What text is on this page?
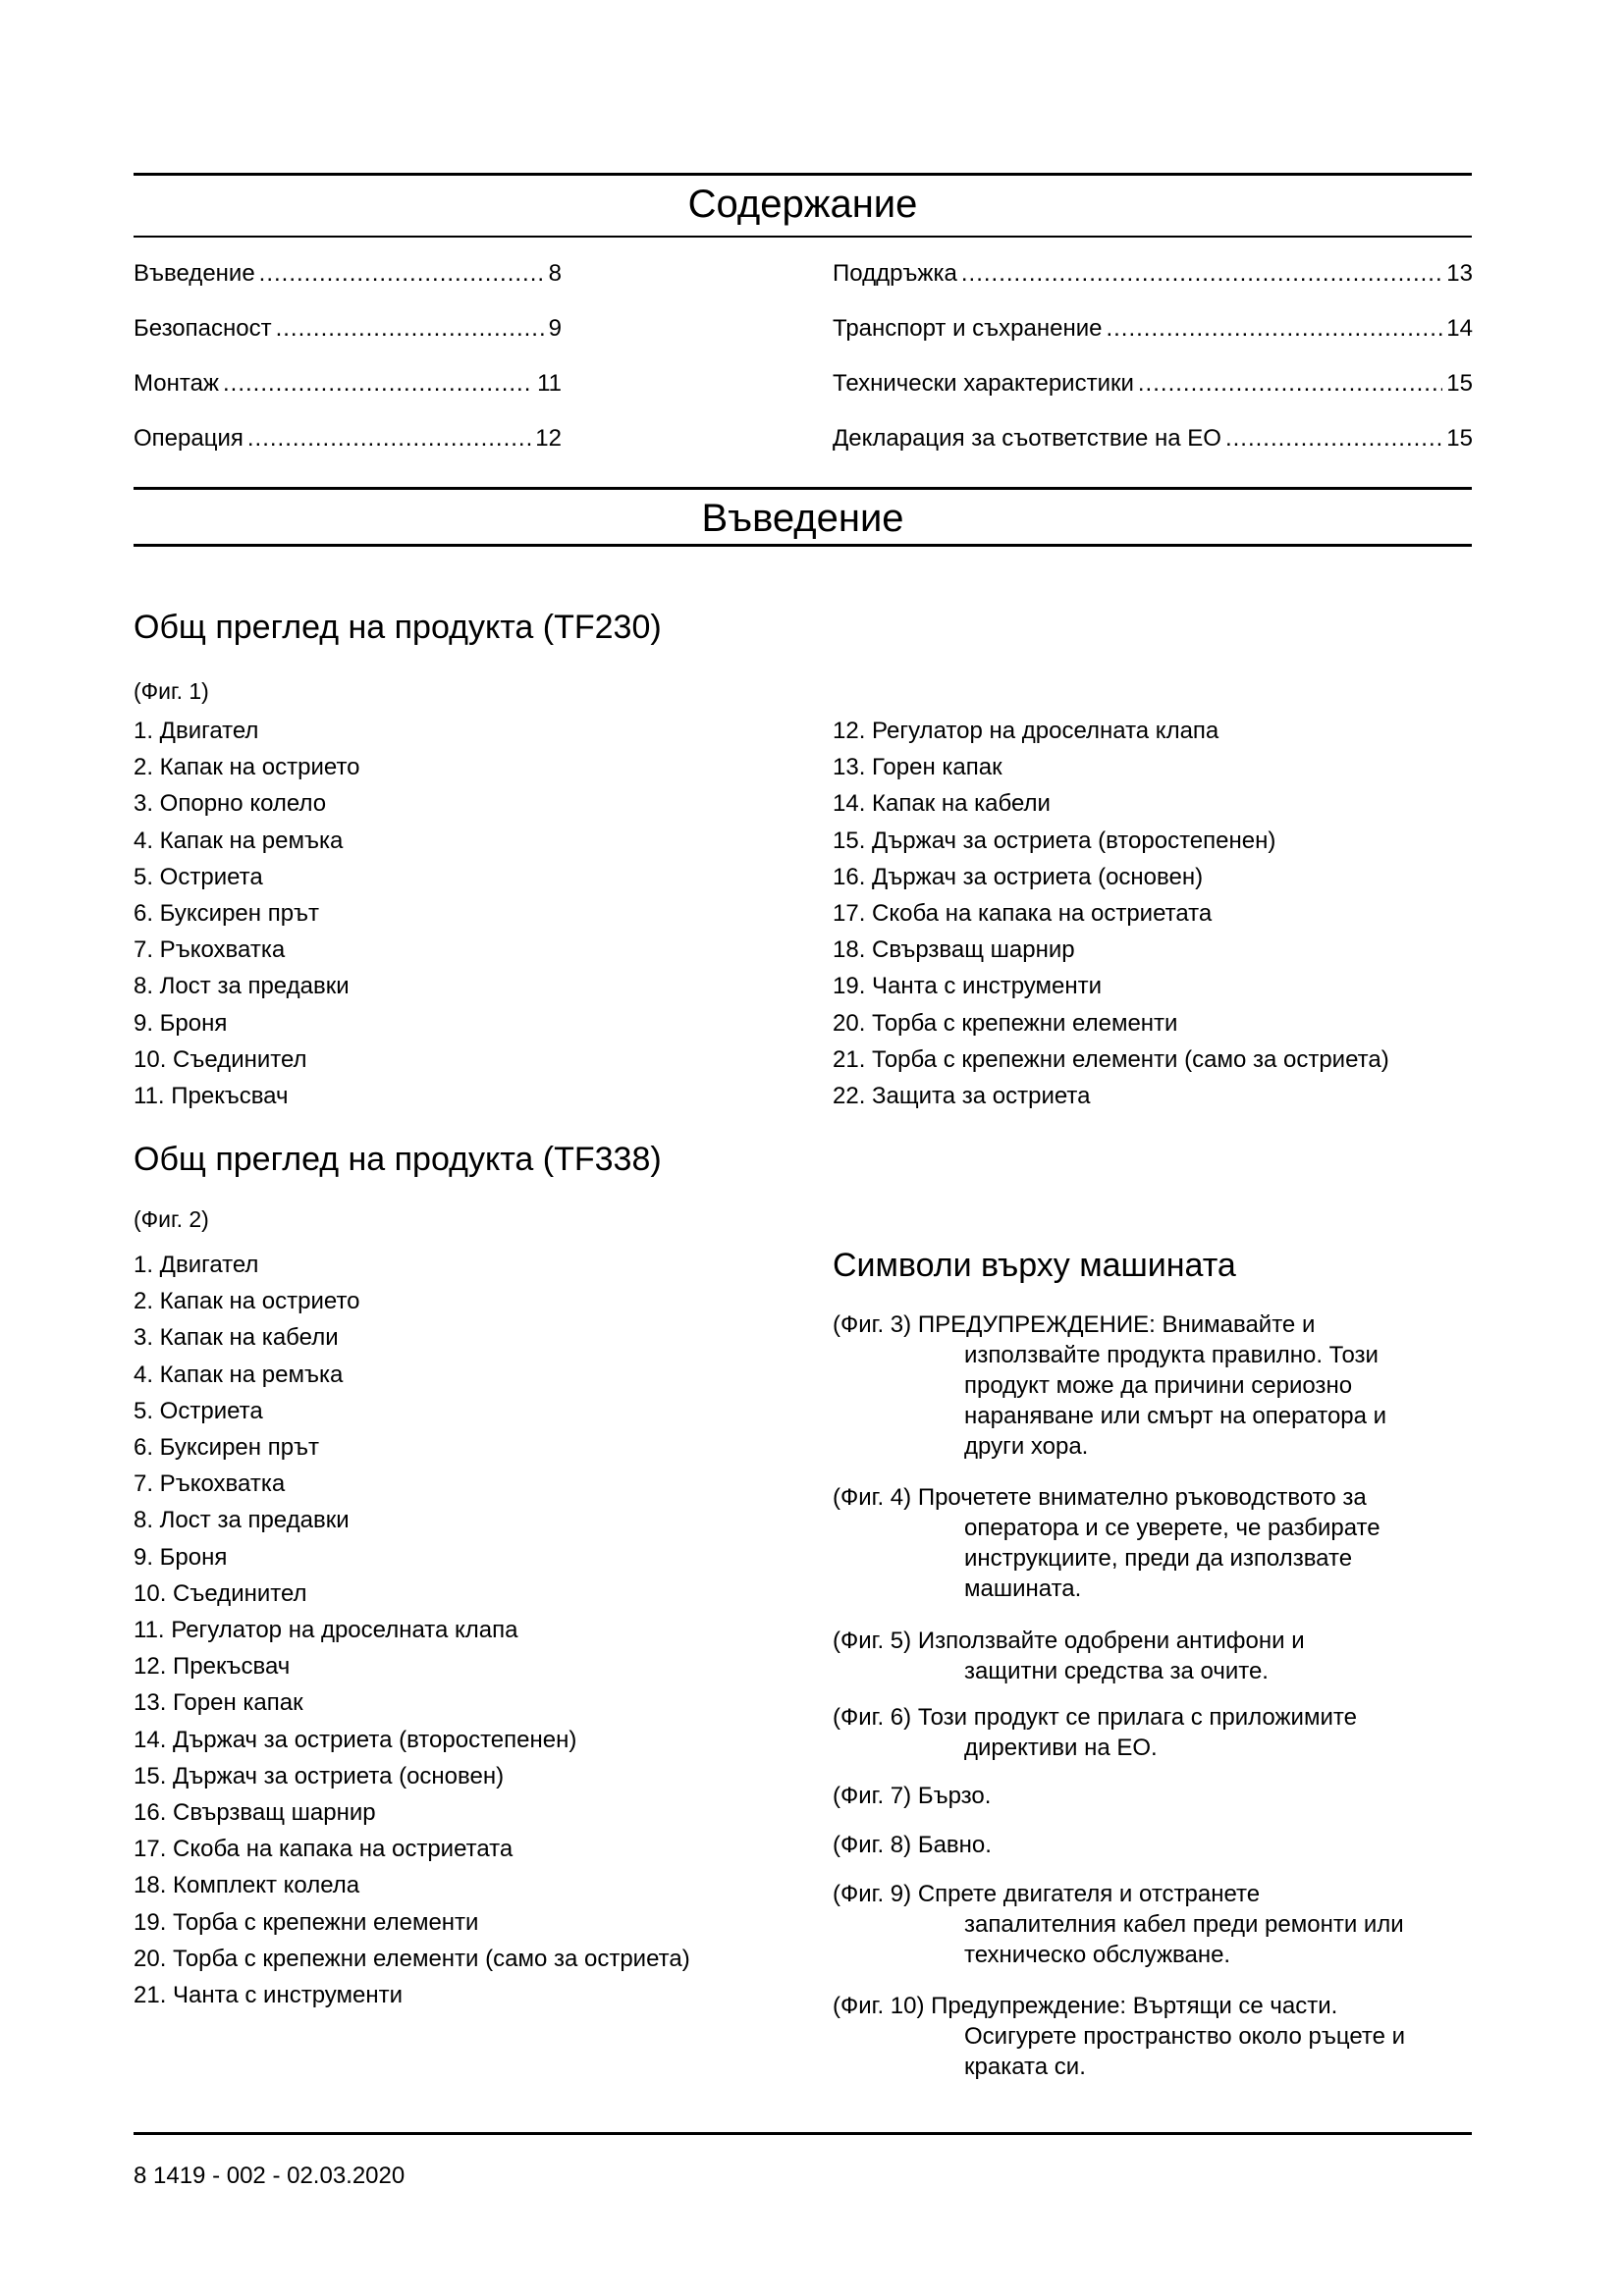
Содержание
Въведение .....	8
Безопасност .....	9
Монтаж .....	11
Операция .....	12
Поддръжка .....	13
Транспорт и съхранение .....	14
Технически характеристики .....	15
Декларация за съответствие на ЕО .....	15
Въведение
Общ преглед на продукта (TF230)
(Фиг. 1)
1. Двигател
2. Капак на острието
3. Опорно колело
4. Капак на ремъка
5. Остриета
6. Буксирен прът
7. Ръкохватка
8. Лост за предавки
9. Броня
10. Съединител
11. Прекъсвач
12. Регулатор на дроселната клапа
13. Горен капак
14. Капак на кабели
15. Държач за остриета (второстепенен)
16. Държач за остриета (основен)
17. Скоба на капака на остриетата
18. Свързващ шарнир
19. Чанта с инструменти
20. Торба с крепежни елементи
21. Торба с крепежни елементи (само за остриета)
22. Защита за остриета
Общ преглед на продукта (TF338)
(Фиг. 2)
1. Двигател
2. Капак на острието
3. Капак на кабели
4. Капак на ремъка
5. Остриета
6. Буксирен прът
7. Ръкохватка
8. Лост за предавки
9. Броня
10. Съединител
11. Регулатор на дроселната клапа
12. Прекъсвач
13. Горен капак
14. Държач за остриета (второстепенен)
15. Държач за остриета (основен)
16. Свързващ шарнир
17. Скоба на капака на остриетата
18. Комплект колела
19. Торба с крепежни елементи
20. Торба с крепежни елементи (само за остриета)
21. Чанта с инструменти
Символи върху машината
(Фиг. 3) ПРЕДУПРЕЖДЕНИЕ: Внимавайте и
използвайте продукта правилно. Този
продукт може да причини сериозно
нараняване или смърт на оператора и
други хора.
(Фиг. 4) Прочетете внимателно ръководството за
оператора и се уверете, че разбирате
инструкциите, преди да използвате
машината.
(Фиг. 5) Използвайте одобрени антифони и
защитни средства за очите.
(Фиг. 6) Този продукт се прилага с приложимите
директиви на ЕО.
(Фиг. 7) Бързо.
(Фиг. 8) Бавно.
(Фиг. 9) Спрете двигателя и отстранете
запалителния кабел преди ремонти или
техническо обслужване.
(Фиг. 10) Предупреждение: Въртящи се части.
Осигурете пространство около ръцете и
краката си.
8 1419 - 002 - 02.03.2020
